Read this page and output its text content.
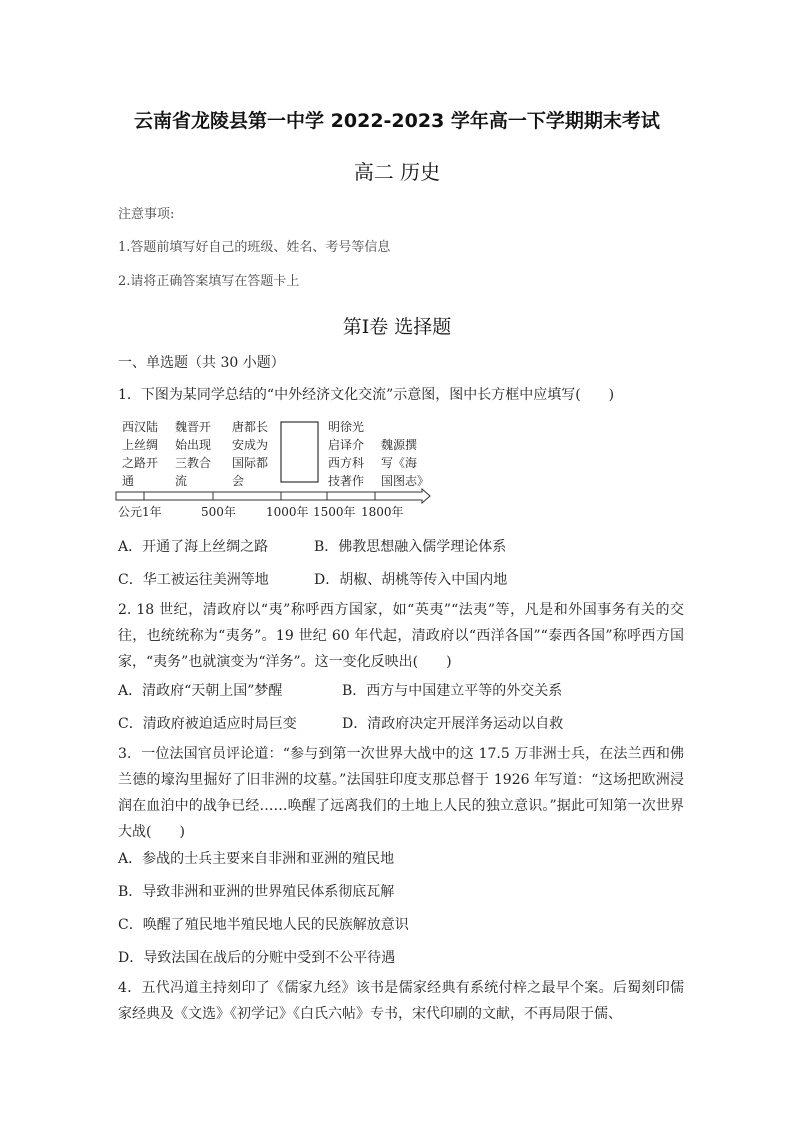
云南省龙陵县第一中学 2022-2023 学年高一下学期期末考试
高二 历史
注意事项:
1.答题前填写好自己的班级、姓名、考号等信息
2.请将正确答案填写在答题卡上
第Ⅰ卷 选择题
一、单选题（共 30 小题）
1．下图为某同学总结的“中外经济文化交流”示意图，图中长方框中应填写(　　)
西汉陆
上丝绸
之路开
通
魏晋开
始出现
三教合
流
唐都长
安成为
国际都
会
明徐光
启译介
西方科
技著作
魏源撰
写《海
国图志》
公元1年	500年	1000年 1500年 1800年
A．开通了海上丝绸之路	B．佛教思想融入儒学理论体系
C．华工被运往美洲等地	D．胡椒、胡桃等传入中国内地
2. 18 世纪，清政府以“夷”称呼西方国家，如“英夷”“法夷”等，凡是和外国事务有关的交往，也统统称为“夷务”。19 世纪 60 年代起，清政府以“西洋各国”“泰西各国”称呼西方国家，“夷务”也就演变为“洋务”。这一变化反映出(　　)
A．清政府“天朝上国”梦醒	B．西方与中国建立平等的外交关系
C．清政府被迫适应时局巨变	D．清政府决定开展洋务运动以自救
3．一位法国官员评论道：“参与到第一次世界大战中的这 17.5 万非洲士兵，在法兰西和佛兰德的壕沟里掘好了旧非洲的坟墓。”法国驻印度支那总督于 1926 年写道：“这场把欧洲浸润在血泊中的战争已经……唤醒了远离我们的土地上人民的独立意识。”据此可知第一次世界大战(　　)
A．参战的士兵主要来自非洲和亚洲的殖民地
B．导致非洲和亚洲的世界殖民体系彻底瓦解
C．唤醒了殖民地半殖民地人民的民族解放意识
D．导致法国在战后的分赃中受到不公平待遇
4．五代冯道主持刻印了《儒家九经》该书是儒家经典有系统付梓之最早个案。后蜀刻印儒家经典及《文选》《初学记》《白氏六帖》专书，宋代印刷的文献，不再局限于儒、
